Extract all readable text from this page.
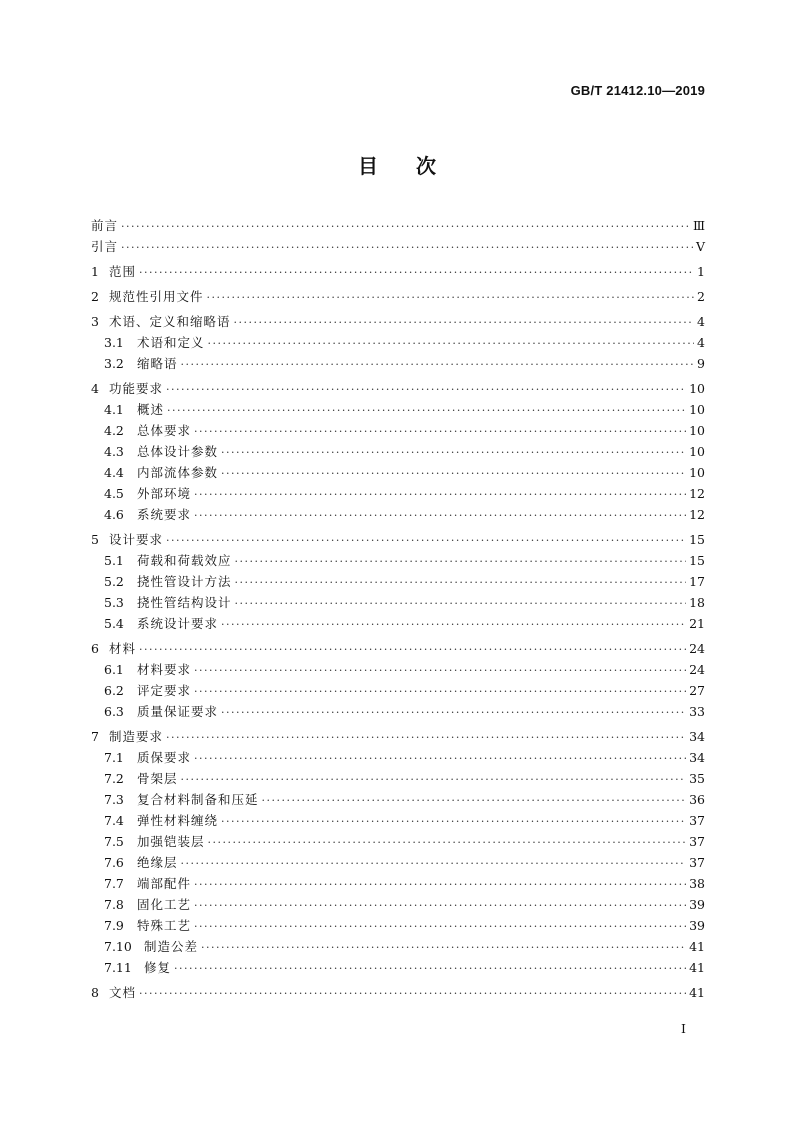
GB/T 21412.10—2019
目 次
前言 ·····	Ⅲ
引言 ·····	Ⅴ
1 范围 ·····	1
2 规范性引用文件 ·····	2
3 术语、定义和缩略语 ·····	4
3.1	术语和定义 ·····	4
3.2	缩略语 ·····	9
4 功能要求 ·····	10
4.1	概述 ·····	10
4.2	总体要求 ·····	10
4.3	总体设计参数 ·····	10
4.4	内部流体参数 ·····	10
4.5	外部环境 ·····	12
4.6	系统要求 ·····	12
5 设计要求 ·····	15
5.1	荷载和荷载效应 ·····	15
5.2	挠性管设计方法 ·····	17
5.3	挠性管结构设计 ·····	18
5.4	系统设计要求 ·····	21
6 材料 ·····	24
6.1	材料要求 ·····	24
6.2	评定要求 ·····	27
6.3	质量保证要求 ·····	33
7 制造要求 ·····	34
7.1	质保要求 ·····	34
7.2	骨架层 ·····	35
7.3	复合材料制备和压延 ·····	36
7.4	弹性材料缠绕 ·····	37
7.5	加强铠装层 ·····	37
7.6	绝缘层 ·····	37
7.7	端部配件 ·····	38
7.8	固化工艺 ·····	39
7.9	特殊工艺 ·····	39
7.10 制造公差 ·····	41
7.11 修复 ·····	41
8 文档 ·····	41
I
